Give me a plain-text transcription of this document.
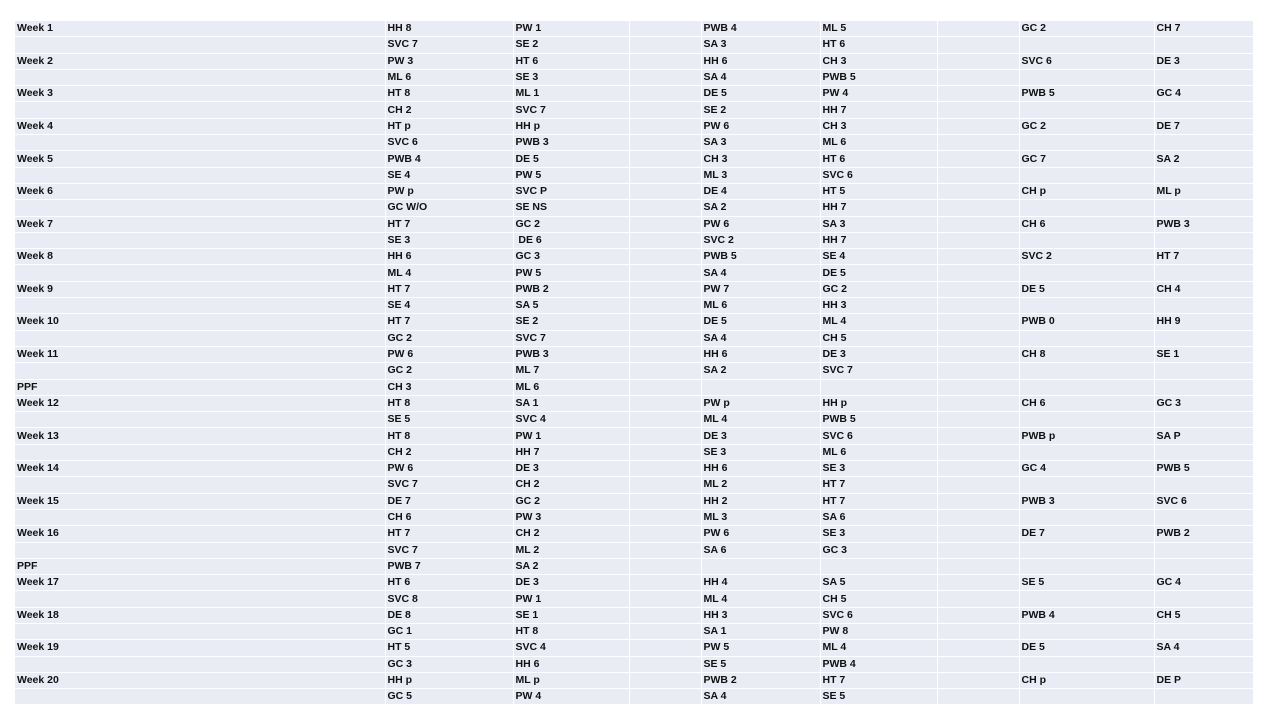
Week 1	HH 8	PW 1		PWB 4	ML 5		GC 2	CH 7
	SVC 7	SE 2		SA 3	HT 6			
Week 2	PW 3	HT 6		HH 6	CH 3		SVC 6	DE 3
	ML 6	SE 3		SA 4	PWB 5			
Week 3	HT 8	ML 1		DE 5	PW 4		PWB 5	GC 4
	CH 2	SVC 7		SE 2	HH 7			
Week 4	HT p	HH p		PW 6	CH 3		GC 2	DE 7
	SVC 6	PWB 3		SA 3	ML 6			
Week 5	PWB 4	DE 5		CH 3	HT 6		GC 7	SA 2
	SE 4	PW 5		ML 3	SVC 6			
Week 6	PW p	SVC P		DE 4	HT 5		CH p	ML p
	GC W/O	SE NS		SA 2	HH 7			
Week 7	HT 7	GC 2		PW 6	SA 3		CH 6	PWB 3
	SE 3	DE 6		SVC 2	HH 7			
Week 8	HH 6	GC 3		PWB 5	SE 4		SVC 2	HT 7
	ML 4	PW 5		SA 4	DE 5			
Week 9	HT 7	PWB 2		PW 7	GC 2		DE 5	CH 4
	SE 4	SA 5		ML 6	HH 3			
Week 10	HT 7	SE 2		DE 5	ML 4		PWB 0	HH 9
	GC 2	SVC 7		SA 4	CH 5			
Week 11	PW 6	PWB 3		HH 6	DE 3		CH 8	SE 1
	GC 2	ML 7		SA 2	SVC 7			
PPF	CH 3	ML 6						
Week 12	HT 8	SA 1		PW p	HH p		CH 6	GC 3
	SE 5	SVC 4		ML 4	PWB 5			
Week 13	HT 8	PW 1		DE 3	SVC 6		PWB p	SA P
	CH 2	HH 7		SE 3	ML 6			
Week 14	PW 6	DE 3		HH 6	SE 3		GC 4	PWB 5
	SVC 7	CH 2		ML 2	HT 7			
Week 15	DE 7	GC 2		HH 2	HT 7		PWB 3	SVC 6
	CH 6	PW 3		ML 3	SA 6			
Week 16	HT 7	CH 2		PW 6	SE 3		DE 7	PWB 2
	SVC 7	ML 2		SA 6	GC 3			
PPF	PWB 7	SA 2						
Week 17	HT 6	DE 3		HH 4	SA 5		SE 5	GC 4
	SVC 8	PW 1		ML 4	CH 5			
Week 18	DE 8	SE 1		HH 3	SVC 6		PWB 4	CH 5
	GC 1	HT 8		SA 1	PW 8			
Week 19	HT 5	SVC 4		PW 5	ML 4		DE 5	SA 4
	GC 3	HH 6		SE 5	PWB 4			
Week 20	HH p	ML p		PWB 2	HT 7		CH p	DE P
	GC 5	PW 4		SA 4	SE 5			
